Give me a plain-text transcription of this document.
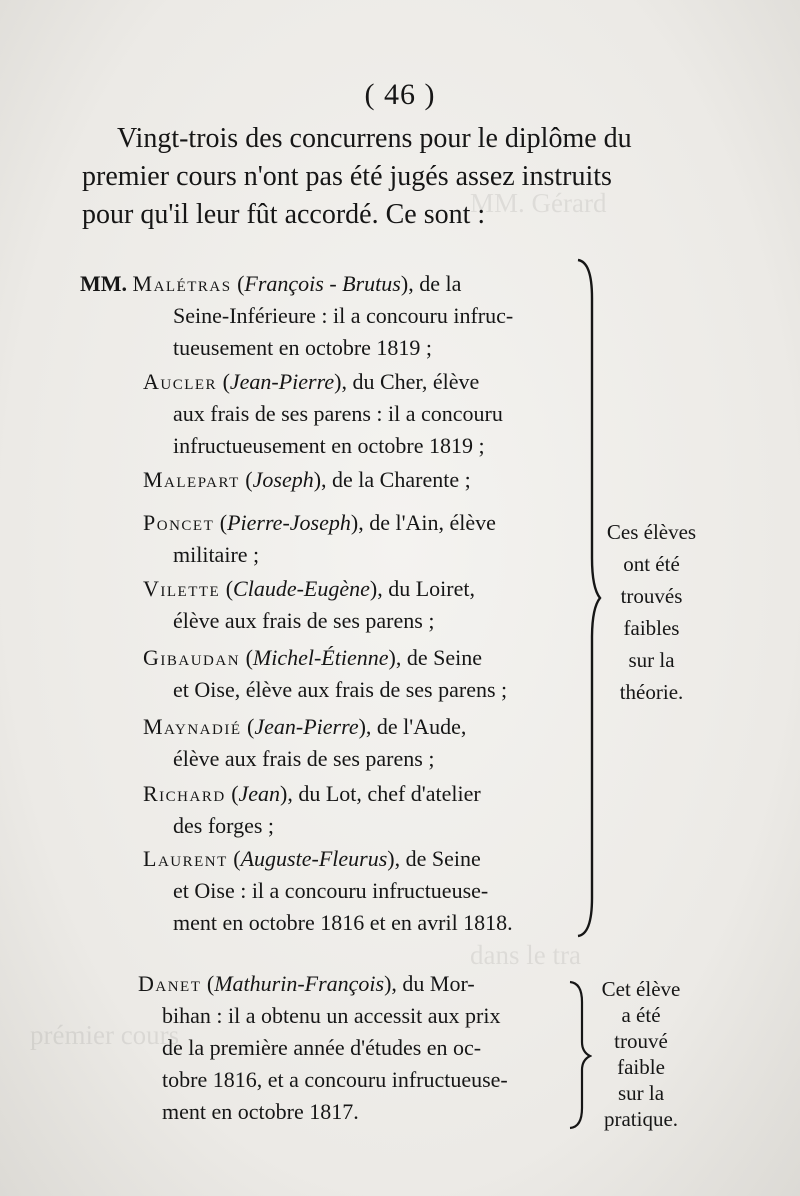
MM. Gérard
dans le tra
prémier cours
( 46 )
Vingt-trois des concurrens pour le diplôme du
premier cours n'ont pas été jugés assez instruits
pour qu'il leur fût accordé. Ce sont :
MM. Malétras (François - Brutus), de la
Seine-Inférieure : il a concouru infruc-
tueusement en octobre 1819 ;
Aucler (Jean-Pierre), du Cher, élève
aux frais de ses parens : il a concouru
infructueusement en octobre 1819 ;
Malepart (Joseph), de la Charente ;
Poncet (Pierre-Joseph), de l'Ain, élève
militaire ;
Vilette (Claude-Eugène), du Loiret,
élève aux frais de ses parens ;
Gibaudan (Michel-Étienne), de Seine
et Oise, élève aux frais de ses parens ;
Maynadié (Jean-Pierre), de l'Aude,
élève aux frais de ses parens ;
Richard (Jean), du Lot, chef d'atelier
des forges ;
Laurent (Auguste-Fleurus), de Seine
et Oise : il a concouru infructueuse-
ment en octobre 1816 et en avril 1818.
Danet (Mathurin-François), du Mor-
bihan : il a obtenu un accessit aux prix
de la première année d'études en oc-
tobre 1816, et a concouru infructueuse-
ment en octobre 1817.
Ces élèves
ont été
trouvés
faibles
sur la
théorie.
Cet élève
a été
trouvé
faible
sur la
pratique.
